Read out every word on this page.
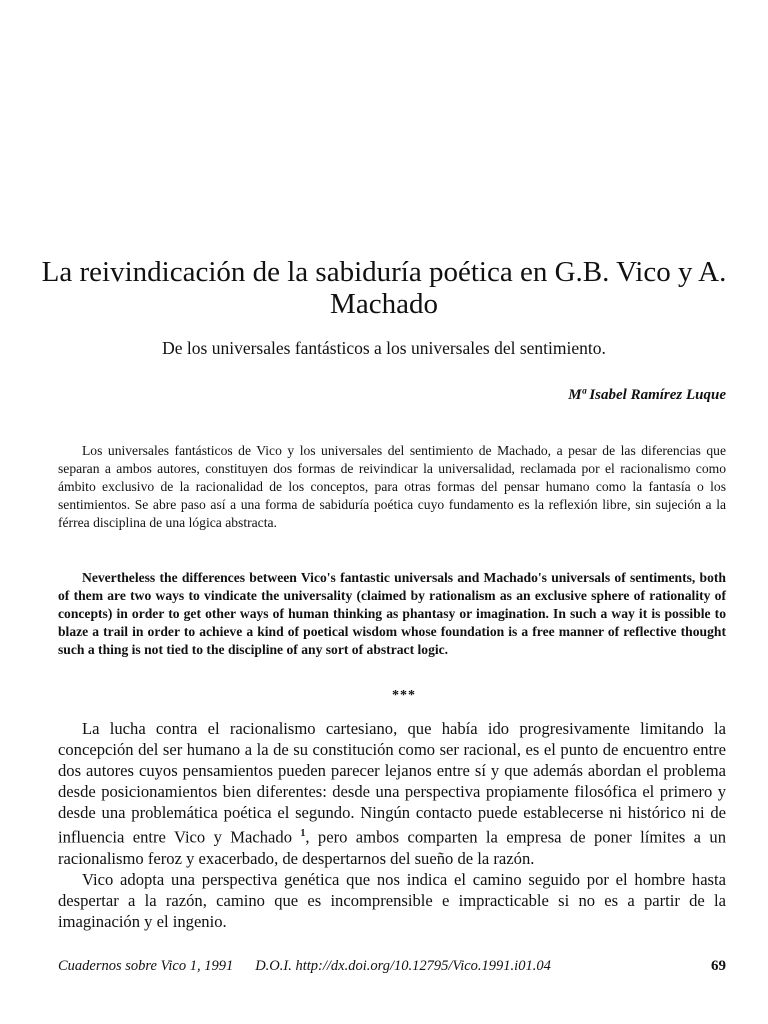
La reivindicación de la sabiduría poética en G.B. Vico y A. Machado
De los universales fantásticos a los universales del sentimiento.
Mª Isabel Ramírez Luque

Los universales fantásticos de Vico y los universales del sentimiento de Machado, a pesar de las diferencias que separan a ambos autores, constituyen dos formas de reivindicar la universalidad, reclamada por el racionalismo como ámbito exclusivo de la racionalidad de los conceptos, para otras formas del pensar humano como la fantasía o los sentimientos. Se abre paso así a una forma de sabiduría poética cuyo fundamento es la reflexión libre, sin sujeción a la férrea disciplina de una lógica abstracta.

Nevertheless the differences between Vico's fantastic universals and Machado's universals of sentiments, both of them are two ways to vindicate the universality (claimed by rationalism as an exclusive sphere of rationality of concepts) in order to get other ways of human thinking as phantasy or imagination. In such a way it is possible to blaze a trail in order to achieve a kind of poetical wisdom whose foundation is a free manner of reflective thought such a thing is not tied to the discipline of any sort of abstract logic.

***

La lucha contra el racionalismo cartesiano, que había ido progresivamente limitando la concepción del ser humano a la de su constitución como ser racional, es el punto de encuentro entre dos autores cuyos pensamientos pueden parecer lejanos entre sí y que además abordan el problema desde posicionamientos bien diferentes: desde una perspectiva propiamente filosófica el primero y desde una problemática poética el segundo. Ningún contacto puede establecerse ni histórico ni de influencia entre Vico y Machado $^1$, pero ambos comparten la empresa de poner límites a un racionalismo feroz y exacerbado, de despertarnos del sueño de la razón.

Vico adopta una perspectiva genética que nos indica el camino seguido por el hombre hasta despertar a la razón, camino que es incomprensible e impracticable si no es a partir de la imaginación y el ingenio.

Cuadernos sobre Vico 1, 1991 D.O.I. http://dx.doi.org/10.12795/Vico.1991.i01.04	69
